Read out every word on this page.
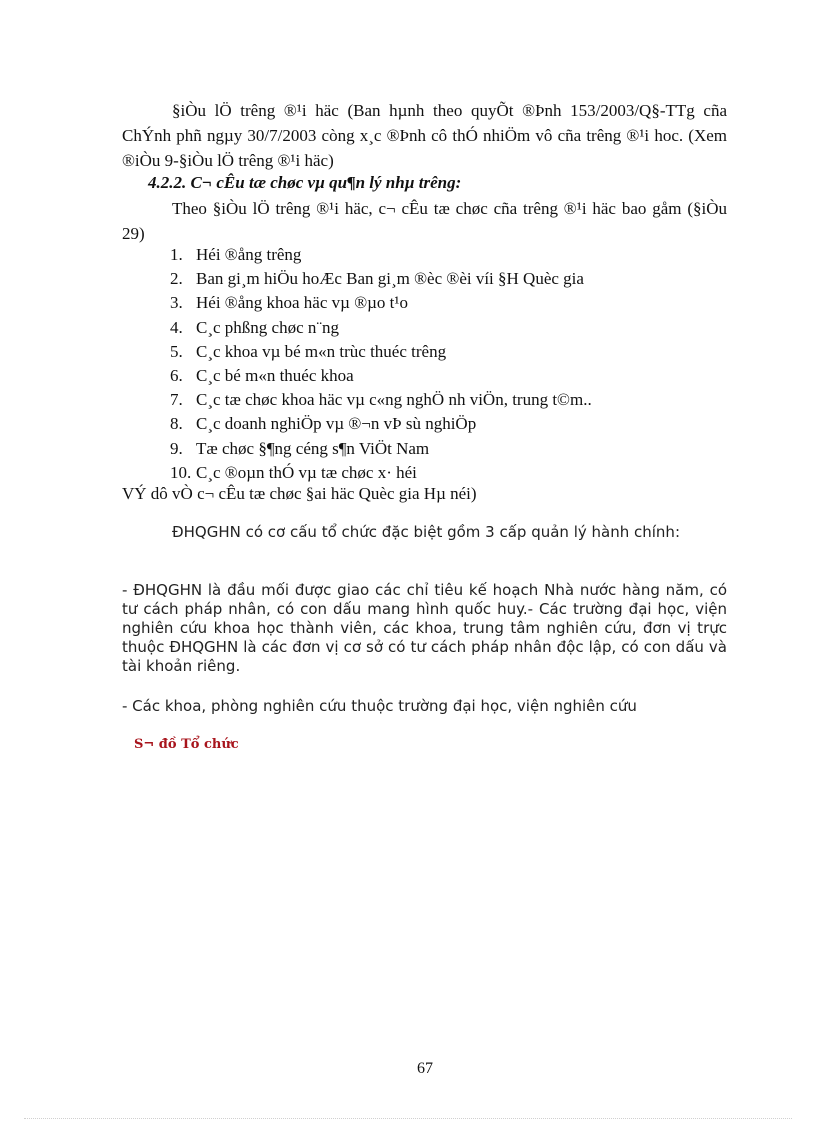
§iÒu lÖ trêng ®¹i häc (Ban hµnh theo quyÕt ®Þnh 153/2003/Q§-TTg cña ChÝnh phñ ngµy 30/7/2003 còng x¸c ®Þnh cô thÓ nhiÖm vô cña trêng ®¹i hoc. (Xem ®iÒu 9-§iÒu lÖ trêng ®¹i häc)

4.2.2. C¬ cÊu tæ chøc vµ qu¶n lý nhµ trêng:

Theo §iÒu lÖ trêng ®¹i häc, c¬ cÊu tæ chøc cña trêng ®¹i häc bao gåm (§iÒu 29)

1. Héi ®ång trêng
2. Ban gi¸m hiÖu hoÆc Ban gi¸m ®èc ®èi víi §H Quèc gia
3. Héi ®ång khoa häc vµ ®µo t¹o
4. C¸c phßng chøc n¨ng
5. C¸c khoa vµ bé m«n trùc thuéc trêng
6. C¸c bé m«n thuéc khoa
7. C¸c tæ chøc khoa häc vµ c«ng nghÖ nh viÖn, trung t©m..
8. C¸c doanh nghiÖp vµ ®¬n vÞ sù nghiÖp
9. Tæ chøc §¶ng céng s¶n ViÖt Nam
10. C¸c ®oµn thÓ vµ tæ chøc x· héi

VÝ dô vÒ c¬ cÊu tæ chøc §ai häc Quèc gia Hµ néi)

ĐHQGHN có cơ cấu tổ chức đặc biệt gồm 3 cấp quản lý hành chính:

- ĐHQGHN là đầu mối được giao các chỉ tiêu kế hoạch Nhà nước hàng năm, có tư cách pháp nhân, có con dấu mang hình quốc huy.- Các trường đại học, viện nghiên cứu khoa học thành viên, các khoa, trung tâm nghiên cứu, đơn vị trực thuộc ĐHQGHN là các đơn vị cơ sở có tư cách pháp nhân độc lập, có con dấu và tài khoản riêng.

- Các khoa, phòng nghiên cứu thuộc trường đại học, viện nghiên cứu

S¬ đồ Tổ chức

67
